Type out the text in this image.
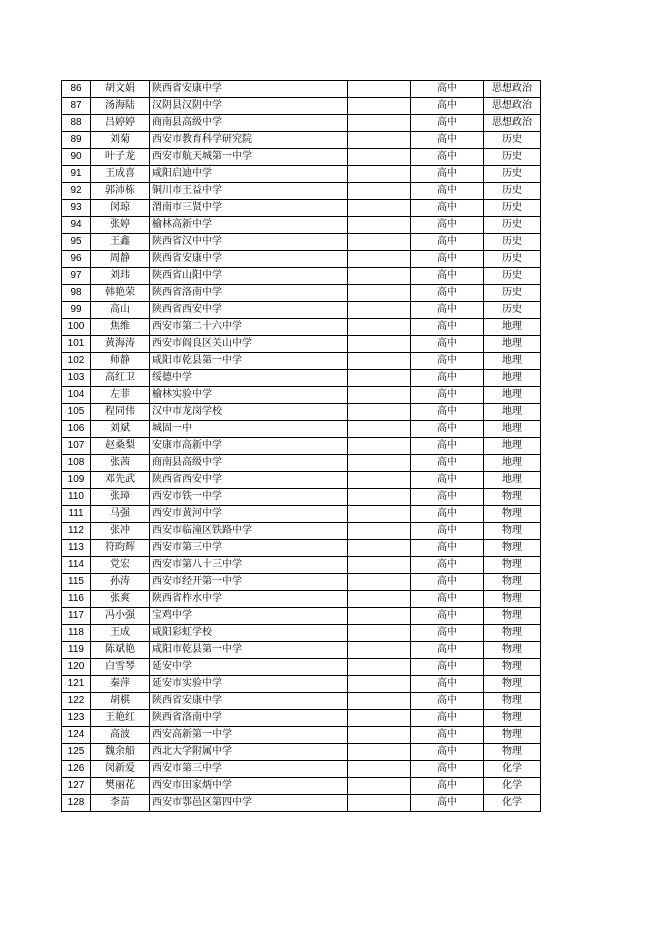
86	胡文娟	陕西省安康中学		高中	思想政治
87	汤海陆	汉阴县汉阴中学		高中	思想政治
88	吕婷婷	商南县高级中学		高中	思想政治
89	刘菊	西安市教育科学研究院		高中	历史
90	叶子龙	西安市航天城第一中学		高中	历史
91	王成喜	咸阳启迪中学		高中	历史
92	郭沛栋	铜川市王益中学		高中	历史
93	闵琼	渭南市三贤中学		高中	历史
94	张婷	榆林高新中学		高中	历史
95	王鑫	陕西省汉中中学		高中	历史
96	周静	陕西省安康中学		高中	历史
97	刘玮	陕西省山阳中学		高中	历史
98	韩艳荣	陕西省洛南中学		高中	历史
99	高山	陕西省西安中学		高中	历史
100	焦维	西安市第二十六中学		高中	地理
101	黄海涛	西安市阎良区关山中学		高中	地理
102	师静	咸阳市乾县第一中学		高中	地理
103	高红卫	绥德中学		高中	地理
104	左菲	榆林实验中学		高中	地理
105	程同伟	汉中市龙岗学校		高中	地理
106	刘斌	城固一中		高中	地理
107	赵桑梨	安康市高新中学		高中	地理
108	张茜	商南县高级中学		高中	地理
109	邓先武	陕西省西安中学		高中	地理
110	张璋	西安市铁一中学		高中	物理
111	马强	西安市黄河中学		高中	物理
112	张冲	西安市临潼区铁路中学		高中	物理
113	符昀辉	西安市第三中学		高中	物理
114	党宏	西安市第八十三中学		高中	物理
115	孙涛	西安市经开第一中学		高中	物理
116	张爽	陕西省柞水中学		高中	物理
117	冯小强	宝鸡中学		高中	物理
118	王成	咸阳彩虹学校		高中	物理
119	陈斌艳	咸阳市乾县第一中学		高中	物理
120	白雪琴	延安中学		高中	物理
121	秦萍	延安市实验中学		高中	物理
122	胡棋	陕西省安康中学		高中	物理
123	王艳红	陕西省洛南中学		高中	物理
124	高波	西安高新第一中学		高中	物理
125	魏余船	西北大学附属中学		高中	物理
126	闵新爱	西安市第三中学		高中	化学
127	樊丽花	西安市田家炳中学		高中	化学
128	李苗	西安市鄠邑区第四中学		高中	化学
